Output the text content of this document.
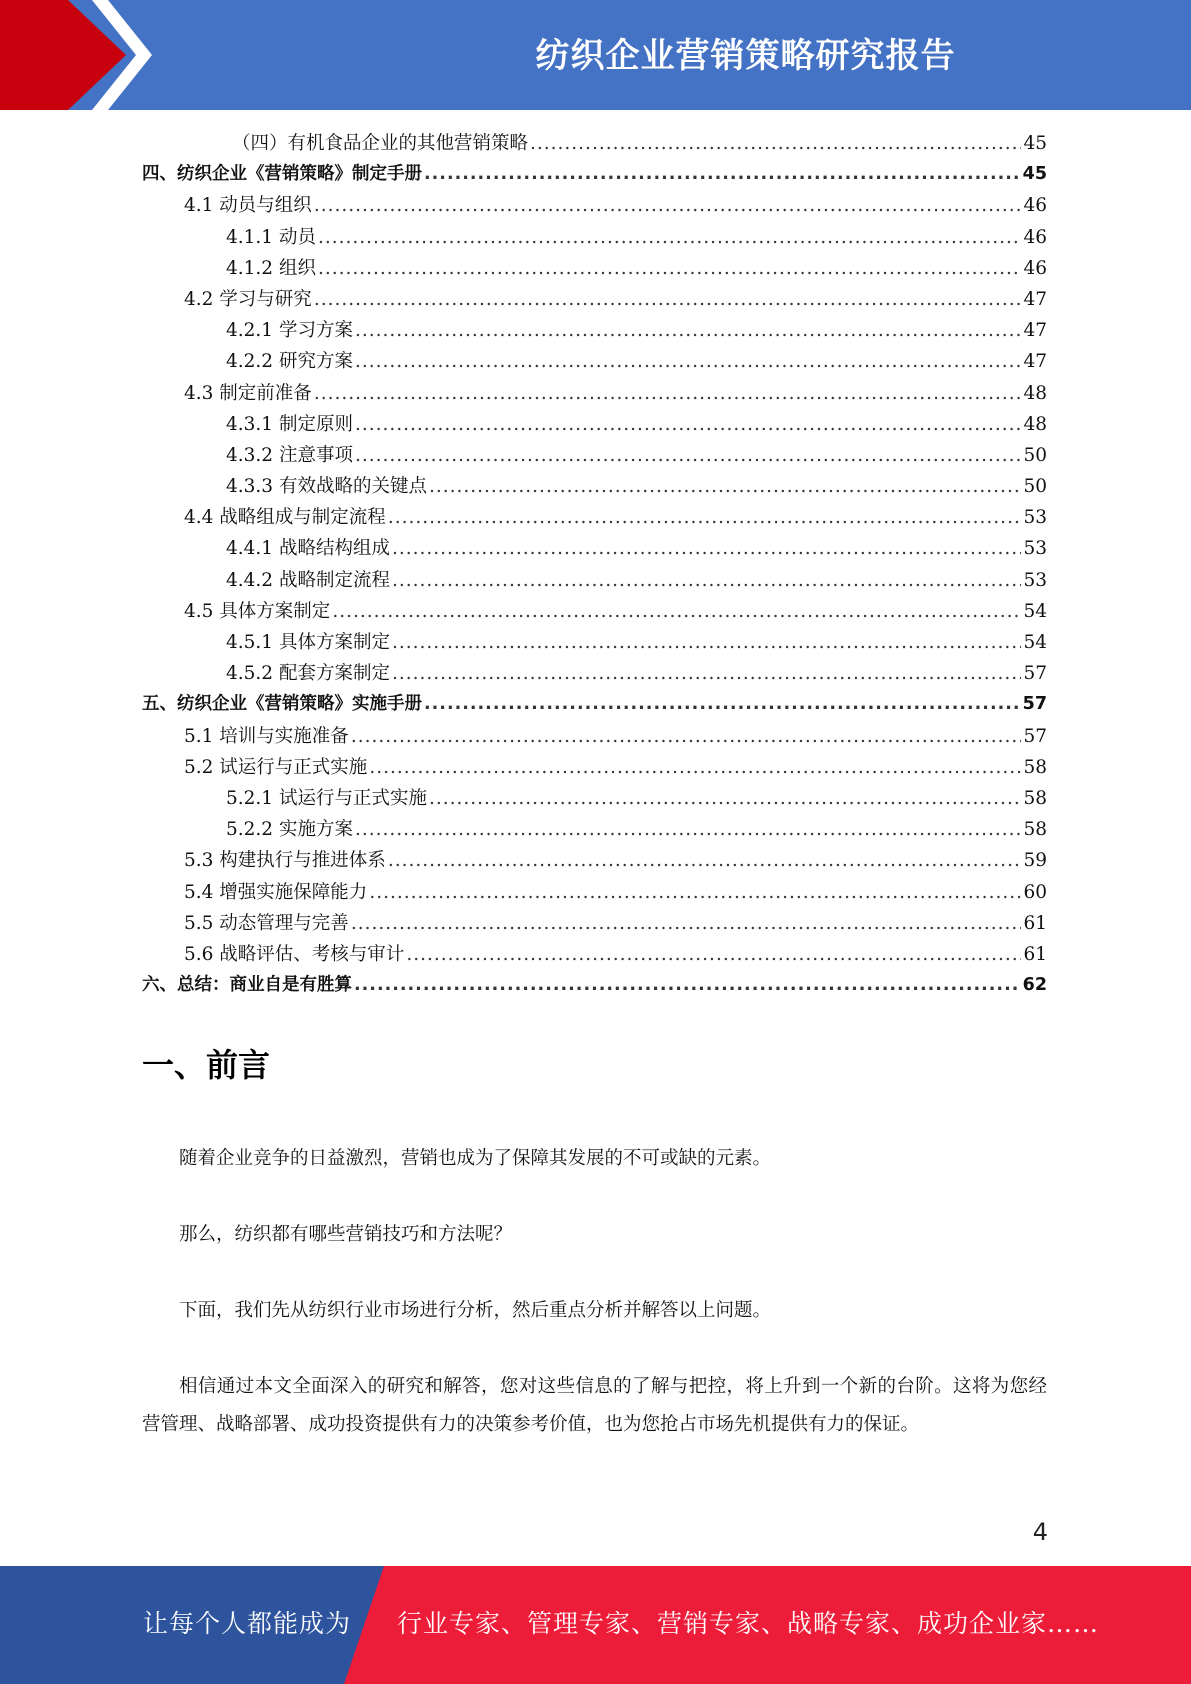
纺织企业营销策略研究报告
（四）有机食品企业的其他营销策略 .....	45
四、纺织企业《营销策略》制定手册 .....	45
4.1 动员与组织 .....	46
4.1.1 动员 .....	46
4.1.2 组织 .....	46
4.2 学习与研究 .....	47
4.2.1 学习方案 .....	47
4.2.2 研究方案 .....	47
4.3 制定前准备 .....	48
4.3.1 制定原则 .....	48
4.3.2 注意事项 .....	50
4.3.3 有效战略的关键点 .....	50
4.4 战略组成与制定流程 .....	53
4.4.1 战略结构组成 .....	53
4.4.2 战略制定流程 .....	53
4.5 具体方案制定 .....	54
4.5.1 具体方案制定 .....	54
4.5.2 配套方案制定 .....	57
五、纺织企业《营销策略》实施手册 .....	57
5.1 培训与实施准备 .....	57
5.2 试运行与正式实施 .....	58
5.2.1 试运行与正式实施 .....	58
5.2.2 实施方案 .....	58
5.3 构建执行与推进体系 .....	59
5.4 增强实施保障能力 .....	60
5.5 动态管理与完善 .....	61
5.6 战略评估、考核与审计 .....	61
六、总结：商业自是有胜算 .....	62
一、前言

随着企业竞争的日益激烈，营销也成为了保障其发展的不可或缺的元素。

那么，纺织都有哪些营销技巧和方法呢？

下面，我们先从纺织行业市场进行分析，然后重点分析并解答以上问题。

相信通过本文全面深入的研究和解答，您对这些信息的了解与把控，将上升到一个新的台阶。这将为您经营管理、战略部署、成功投资提供有力的决策参考价值，也为您抢占市场先机提供有力的保证。

4
让每个人都能成为 行业专家、管理专家、营销专家、战略专家、成功企业家……
